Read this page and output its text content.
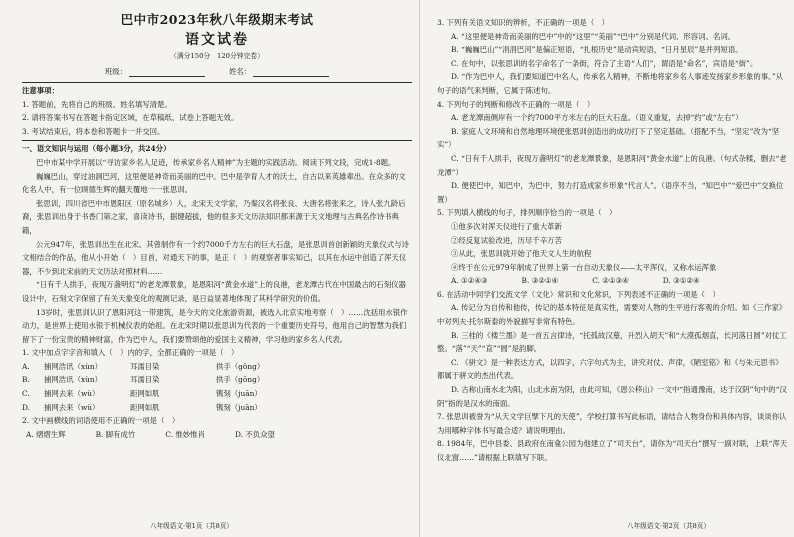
巴中市2023年秋八年级期末考试
语文试卷
（满分150分　120分钟完卷）
班级：	姓名：

注意事项：

1. 答题前，先将自己的班级、姓名填写清楚。

2. 请将答案书写在答题卡指定区域，在草稿纸、试卷上答题无效。

3. 考试结束后，将本卷和答题卡一并交回。

一、语文知识与运用（每小题3分，共24分）

巴中市某中学开展以“寻访家乡名人足迹，传承家乡名人精神”为主题的实践活动。阅读下列文段，完成1-8题。

巍巍巴山，穿过油洞巴河，这里便是神奇而美丽的巴中。巴中是孕育人才的沃土，自古以来英雄辈出。在众多的文化名人中，有一位顾德生辉的翻天覆地一一张思训。

张思训，四川省巴中市恩阳区（原名城乡）人，北宋天文学家，乃秦汉名将张良、大唐名将张来之，诗人张九龄后裔，张思训出身于书香门第之家，喜读诗书，据健超拔，他的很多天文历法知识都来源于天文地理与古典名作诗书典籍，

公元947年，张思训出生在北宋。其曾制作有一个约7000千方左右的巨大石盘，是张思训首创新颖的天象仪式与诗文相结合的作品，他从小开始（　）目首，对通天下的事，是正（　）的观察者事实知己，以其在水运中创造了浑天仪器，不少到北宋前的天文历法对照材料……

“日有千人拱手，夜现万盏明灯”的老龙潭景象，是恩阳河“黄金水道”上的良港，老龙潭古代在中国最古的石刻仪器设计中，石刻文字保留了有关天象变化的观测记录，是日益显著地体现了其科学研究的价值。

13岁时，张思训认识了恩阳河这一带建筑，是今天的文化旅游资源，被选入北京实地考察（　）……沈括用水银作动力，是世界上使用水银于机械仪表的始祖。在北宋时期以张思训为代表的一个重要历史符号，他用自己的智慧为我们留下了一份宝贵的精神财富，作为巴中人，我们要赞颂他的爱国主义精神，学习他的家乡名人代表。

1. 文中加点字字音和填入（　）内的字，全都正确的一项是（　）

A.	捕网浩讯（xùn）	耳濡目染	拱手（gǒng）
B.	捕网浩讯（xùn）	耳濡目染	拱手（gōng）
C.	捕网去来（wù）	距网如肌	镌刻（juān）
D.	捕网去来（wù）	距网如肌	镌刻（juān）

2. 文中画横线的词语使用不正确的一项是（　）

A. 熠熠生辉	B. 脚有成竹	C. 惟妙惟肖	D. 不负众望
八年级语文·第1页（共8页）

3. 下列有关语文知识的辨析，不正确的一项是（　）

A. “这里便是神奇而美丽的巴中”中的“这里”“美丽”“巴中”分别是代词、形容词、名词。

B. “巍巍巴山”“涓涓巴河”是偏正短语，“扎根历史”是动宾短语，“日月星辰”是并列短语。

C. 在句中，以张思训的名字命名了一条街，符合了主语“人们”，谓语是“命名”，宾语是“街”。

D. “作为巴中人，我们要知道巴中名人，传承名人精神，不断地将家乡名人事迹发扬家乡形象的事。”从句子的语气来判断，它属于陈述句。

4. 下列句子的判断和修改不正确的一项是（　）

A. 老龙潭南侧岸有一个约7000平方米左右的巨大石盘。（语义重复，去掉“约”或“左右”）

B. 家庭人文环境和自然地理环境使张思训创造出的成功打下了坚定基础。（搭配不当，“坚定”改为“坚实”）

C. “日有千人拱手，夜现万盏明灯”的老龙潭景象，是恩阳河“黄金水道”上的良港。（句式杂糅，删去“老龙潭”）

D. 便使巴中，知巴中，为巴中，努力打造成家乡形象“代言人”。（语序不当，“知巴中”“爱巴中”交换位置）

5. 下列填入横线的句子，排列顺序恰当的一项是（　）

①他多次对浑天仪进行了重大革新

②经反复试验改进，历尽千辛万苦

③从此，张思训就开始了他天文人生的航程

④终于在公元979年制成了世界上第一台自动天象仪——太平浑仪，又称水运浑象

A. ①②④③	B. ③②①④	C. ②①③④	D. ③①②④

6. 在活动中同学们交流文学（文化）常识和文化常识，下列表述不正确的一项是（　）

A. 传记分为自传和他传，传记的基本特征是真实性，需要对人物的生平进行客观的介绍。如《三作家》中对列夫·托尔斯泰的外貌描写非常有特色。

B. 三桂的《楼兰墨》是一首五言律诗，“托孤故汉墓，升烈入胡天”和“大漠孤烟直，长河落日圆”对仗工整。“落”“天”“直”“圆”是韵脚。

C. 《骈文》是一种表达方式，以四字，六字句式为主，讲究对仗、声律，《陋室铭》和《与朱元思书》都属于骈文的杰出代表。

D. 古称山南水北为阳，山北水南为阴，由此可知，《恩公移山》一文中“指通豫南，达于汉阴”句中的“汉阴”指的是汉水的南面。

7. 张思训被誉为“从天文学巨擘下凡的天使”，学校打算书写此标语，请结合人物身份和具体内容，谈谈你认为用哪种字体书写最合适？请说明理由。

8. 1984年，巴中县委、县政府在南龛公园为他建立了“司天台”，请你为“司天台”撰写一副对联，上联“浑天仪北窗……”请根据上联填写下联。

八年级语文·第2页（共8页）
